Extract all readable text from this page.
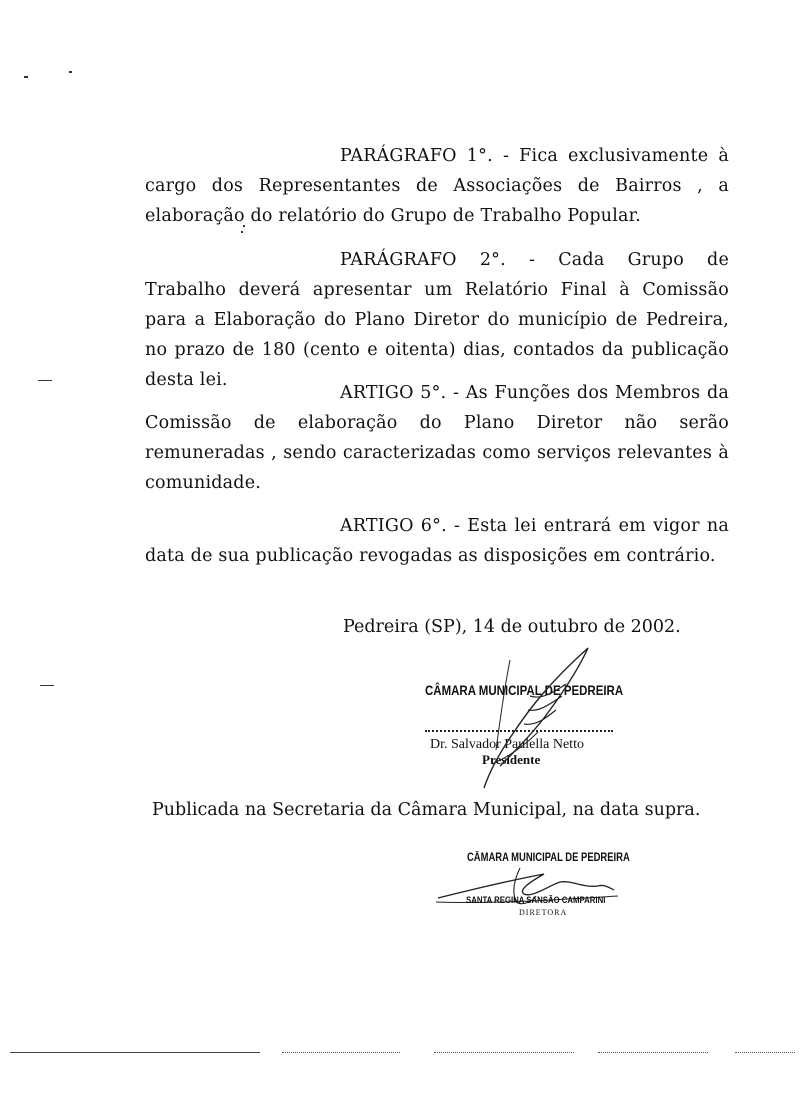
PARÁGRAFO 1°. - Fica exclusivamente à cargo dos Representantes de Associações de Bairros , a elaboração do relatório do Grupo de Trabalho Popular.

PARÁGRAFO 2°. - Cada Grupo de Trabalho deverá apresentar um Relatório Final à Comissão para a Elaboração do Plano Diretor do município de Pedreira, no prazo de 180 (cento e oitenta) dias, contados da publicação desta lei.

ARTIGO 5°. - As Funções dos Membros da Comissão de elaboração do Plano Diretor não serão remuneradas , sendo caracterizadas como serviços relevantes à comunidade.

ARTIGO 6°. - Esta lei entrará em vigor na data de sua publicação revogadas as disposições em contrário.

Pedreira (SP), 14 de outubro de 2002.
CÂMARA MUNICIPAL DE PEDREIRA
Dr. Salvador Paulella Netto
Presidente
Publicada na Secretaria da Câmara Municipal, na data supra.
CÂMARA MUNICIPAL DE PEDREIRA
SANTA REGINA SANSÃO CAMPARINI
DIRETORA
